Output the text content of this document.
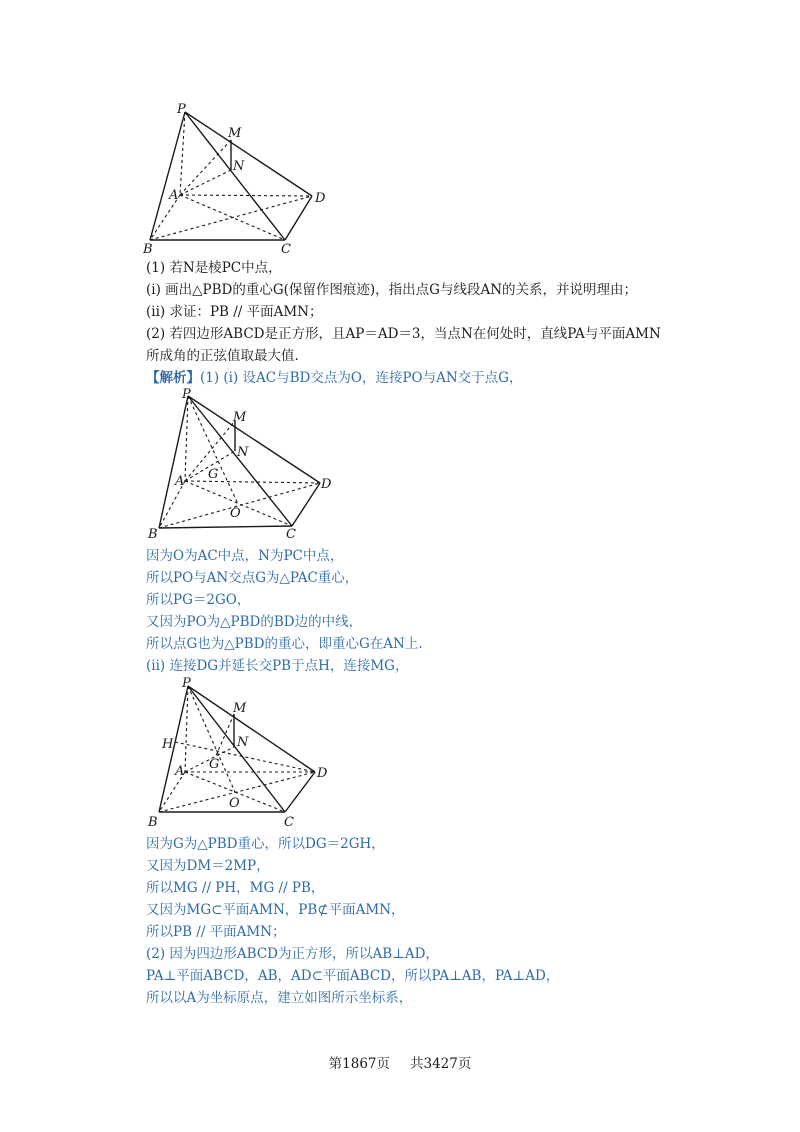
P
M
N
A	D
B	C
(1) 若N是棱PC中点，
(i) 画出△PBD的重心G(保留作图痕迹)，指出点G与线段AN的关系，并说明理由；
(ii) 求证：PB // 平面AMN；
(2) 若四边形ABCD是正方形，且AP＝AD＝3，当点N在何处时，直线PA与平面AMN
所成角的正弦值取最大值.
【解析】(1) (i) 设AC与BD交点为O，连接PO与AN交于点G，
P
M
N
G
A	D
O
B	C
因为O为AC中点，N为PC中点，
所以PO与AN交点G为△PAC重心，
所以PG＝2GO，
又因为PO为△PBD的BD边的中线，
所以点G也为△PBD的重心，即重心G在AN上.
(ii) 连接DG并延长交PB于点H，连接MG，
P
M
N
H
A G
D
O
B	C
因为G为△PBD重心，所以DG＝2GH，
又因为DM＝2MP，
所以MG // PH，MG // PB，
又因为MG⊂平面AMN，PB⊄平面AMN，
所以PB // 平面AMN；
(2) 因为四边形ABCD为正方形，所以AB⊥AD，
PA⊥平面ABCD，AB，AD⊂平面ABCD，所以PA⊥AB，PA⊥AD，
所以以A为坐标原点，建立如图所示坐标系，
第1867页 共3427页
